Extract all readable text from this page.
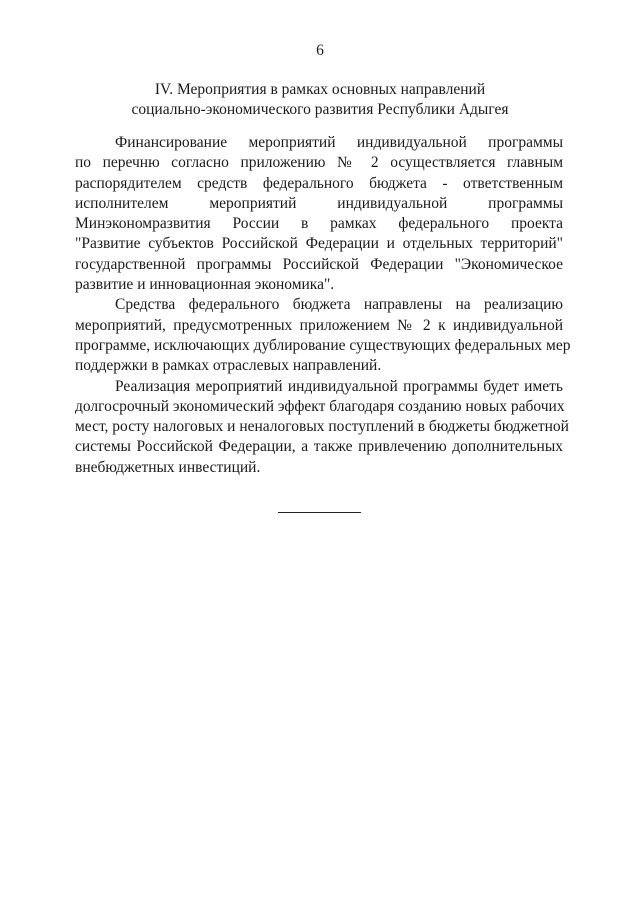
6
IV. Мероприятия в рамках основных направлений
социально-экономического развития Республики Адыгея
Финансирование мероприятий индивидуальной программы
по перечню согласно приложению № 2 осуществляется главным
распорядителем средств федерального бюджета - ответственным
исполнителем мероприятий индивидуальной программы
Минэкономразвития России в рамках федерального проекта
"Развитие субъектов Российской Федерации и отдельных территорий"
государственной программы Российской Федерации "Экономическое
развитие и инновационная экономика".
Средства федерального бюджета направлены на реализацию
мероприятий, предусмотренных приложением № 2 к индивидуальной
программе, исключающих дублирование существующих федеральных мер
поддержки в рамках отраслевых направлений.
Реализация мероприятий индивидуальной программы будет иметь
долгосрочный экономический эффект благодаря созданию новых рабочих
мест, росту налоговых и неналоговых поступлений в бюджеты бюджетной
системы Российской Федерации, а также привлечению дополнительных
внебюджетных инвестиций.
